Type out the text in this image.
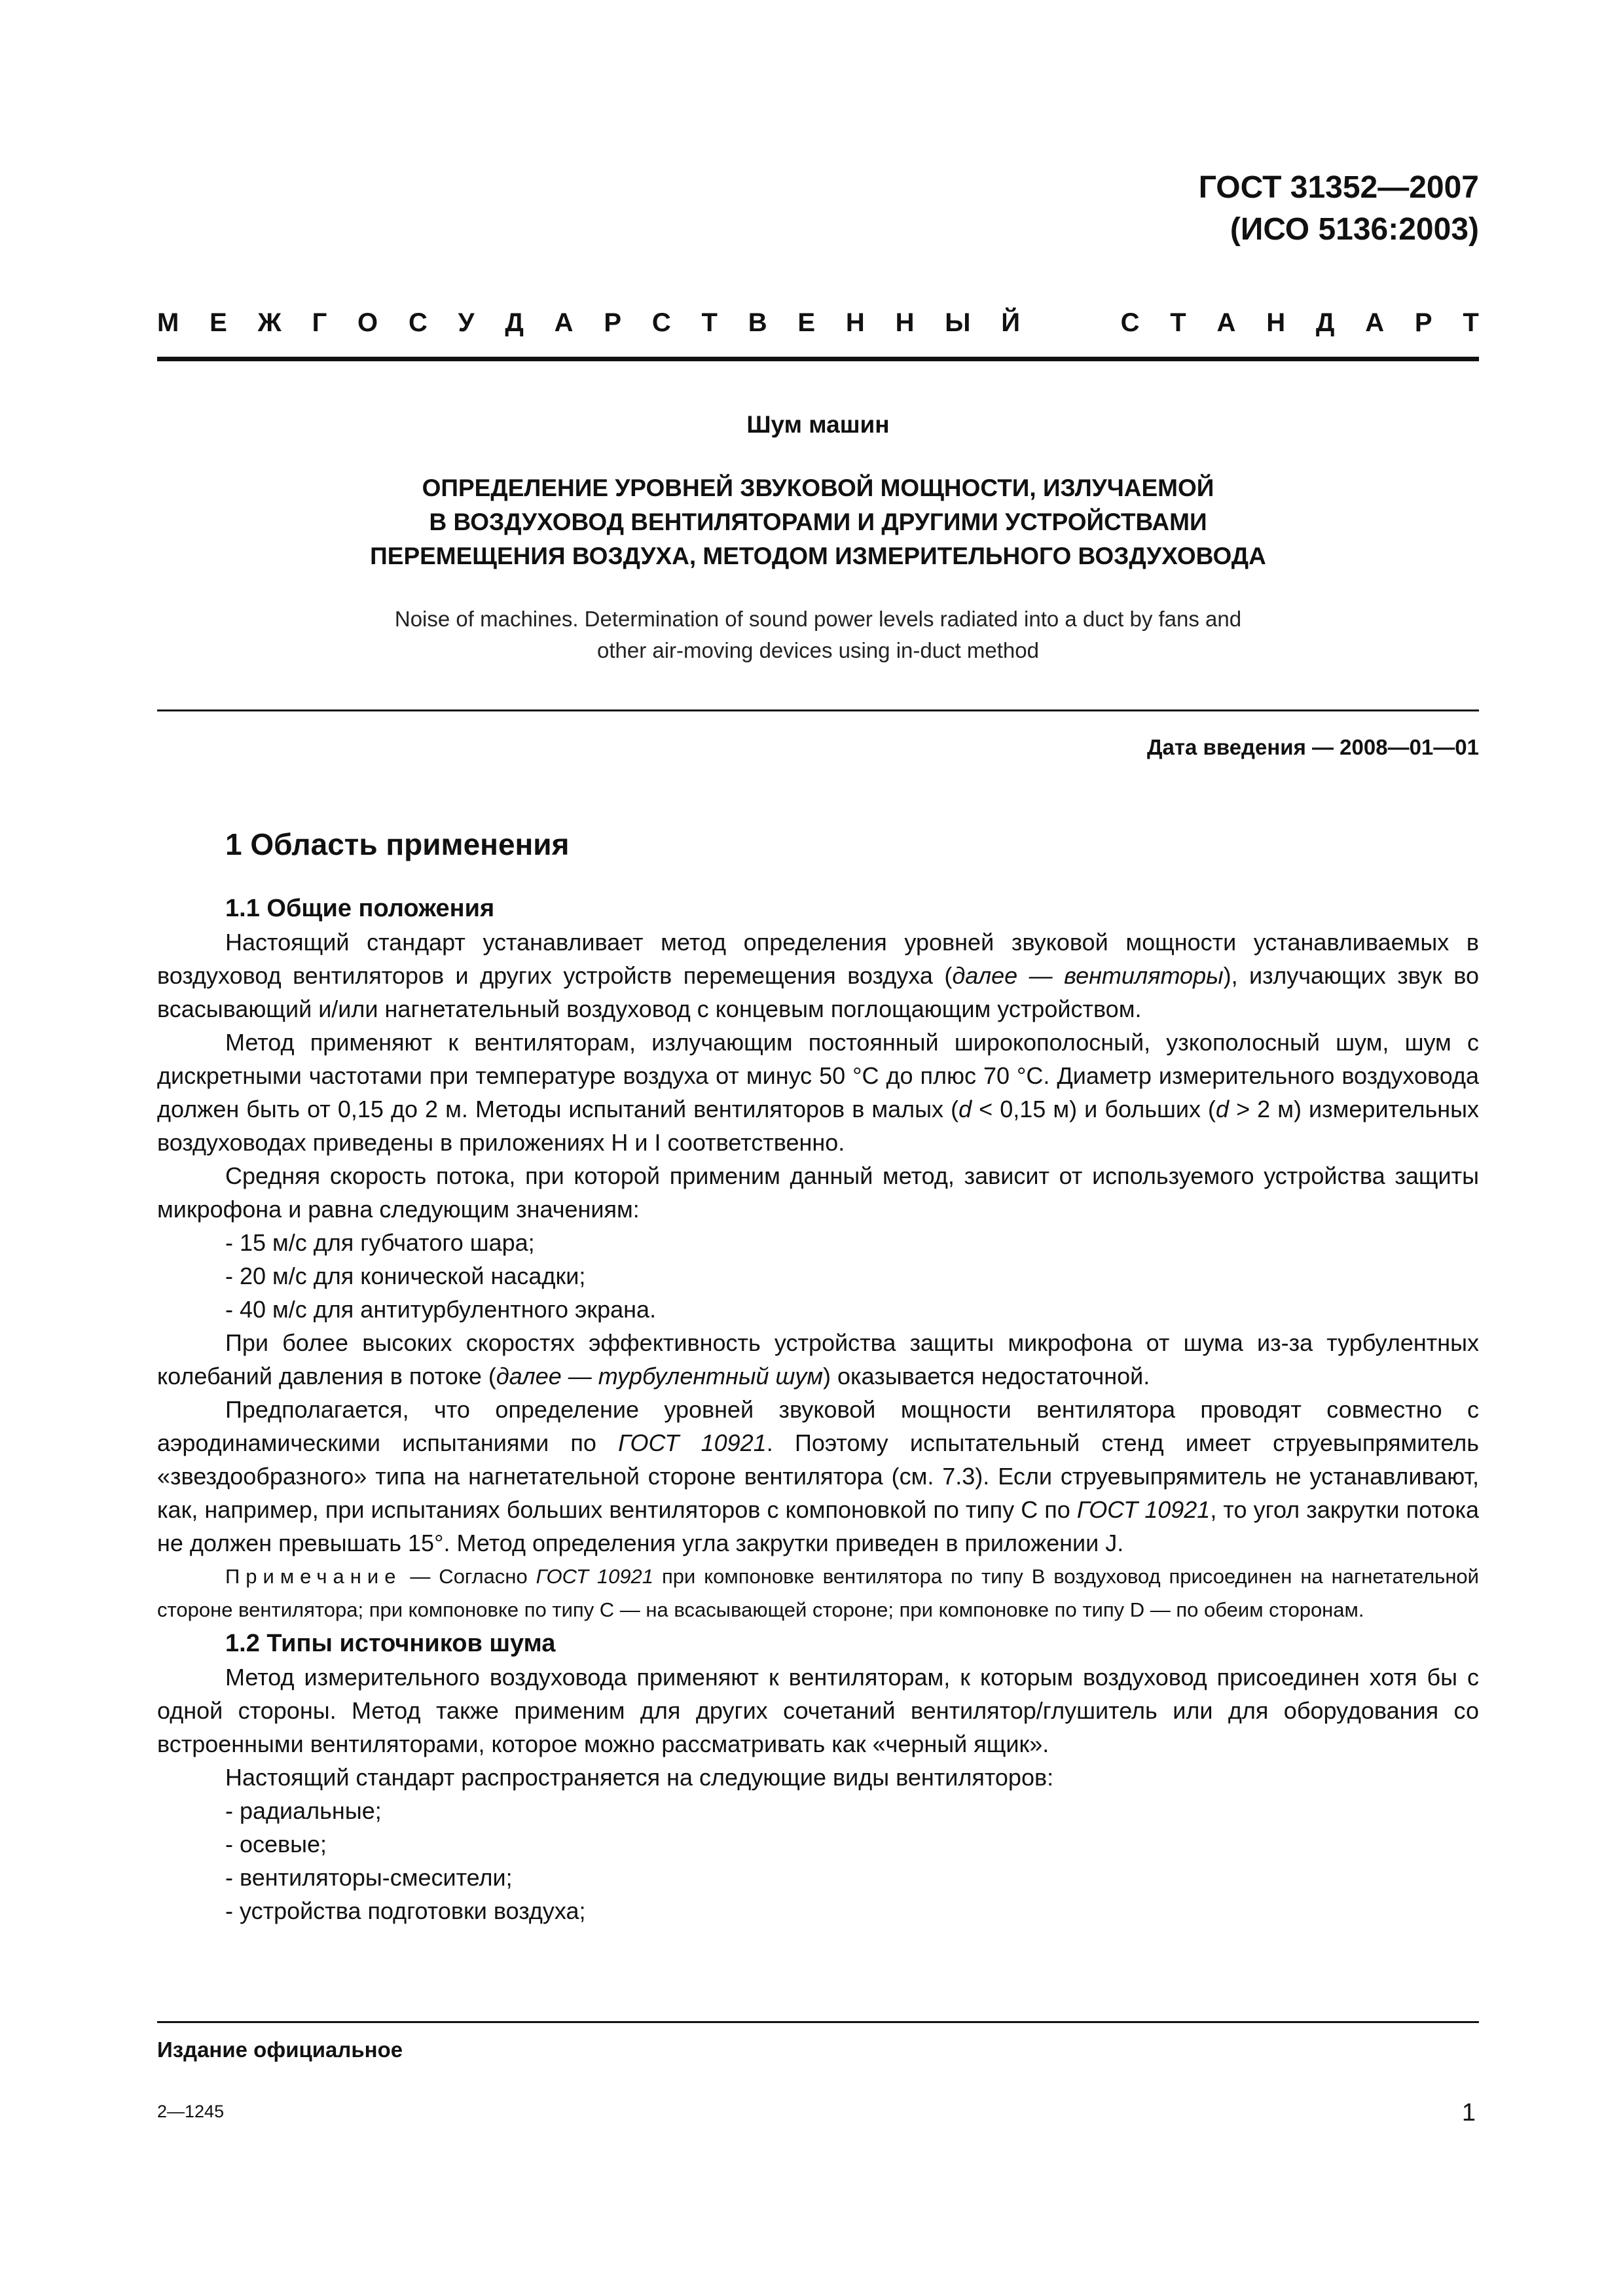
ГОСТ 31352—2007
(ИСО 5136:2003)
М Е Ж Г О С У Д А Р С Т В Е Н Н Ы Й	С Т А Н Д А Р Т
Шум машин
ОПРЕДЕЛЕНИЕ УРОВНЕЙ ЗВУКОВОЙ МОЩНОСТИ, ИЗЛУЧАЕМОЙ
В ВОЗДУХОВОД ВЕНТИЛЯТОРАМИ И ДРУГИМИ УСТРОЙСТВАМИ
ПЕРЕМЕЩЕНИЯ ВОЗДУХА, МЕТОДОМ ИЗМЕРИТЕЛЬНОГО ВОЗДУХОВОДА
Noise of machines. Determination of sound power levels radiated into a duct by fans and
other air-moving devices using in-duct method
Дата введения — 2008—01—01
1 Область применения
1.1 Общие положения

Настоящий стандарт устанавливает метод определения уровней звуковой мощности устанавливаемых в воздуховод вентиляторов и других устройств перемещения воздуха (далее — вентиляторы), излучающих звук во всасывающий и/или нагнетательный воздуховод с концевым поглощающим устройством.

Метод применяют к вентиляторам, излучающим постоянный широкополосный, узкополосный шум, шум с дискретными частотами при температуре воздуха от минус 50 °С до плюс 70 °С. Диаметр измерительного воздуховода должен быть от 0,15 до 2 м. Методы испытаний вентиляторов в малых (d < 0,15 м) и больших (d > 2 м) измерительных воздуховодах приведены в приложениях Н и I соответственно.

Средняя скорость потока, при которой применим данный метод, зависит от используемого устройства защиты микрофона и равна следующим значениям:

- 15 м/с для губчатого шара;

- 20 м/с для конической насадки;

- 40 м/с для антитурбулентного экрана.

При более высоких скоростях эффективность устройства защиты микрофона от шума из-за турбулентных колебаний давления в потоке (далее — турбулентный шум) оказывается недостаточной.

Предполагается, что определение уровней звуковой мощности вентилятора проводят совместно с аэродинамическими испытаниями по ГОСТ 10921. Поэтому испытательный стенд имеет струевыпрямитель «звездообразного» типа на нагнетательной стороне вентилятора (см. 7.3). Если струевыпрямитель не устанавливают, как, например, при испытаниях больших вентиляторов с компоновкой по типу С по ГОСТ 10921, то угол закрутки потока не должен превышать 15°. Метод определения угла закрутки приведен в приложении J.

Примечание — Согласно ГОСТ 10921 при компоновке вентилятора по типу В воздуховод присоединен на нагнетательной стороне вентилятора; при компоновке по типу С — на всасывающей стороне; при компоновке по типу D — по обеим сторонам.

1.2 Типы источников шума

Метод измерительного воздуховода применяют к вентиляторам, к которым воздуховод присоединен хотя бы с одной стороны. Метод также применим для других сочетаний вентилятор/глушитель или для оборудования со встроенными вентиляторами, которое можно рассматривать как «черный ящик».

Настоящий стандарт распространяется на следующие виды вентиляторов:

- радиальные;

- осевые;

- вентиляторы-смесители;

- устройства подготовки воздуха;

Издание официальное
2—1245	1
